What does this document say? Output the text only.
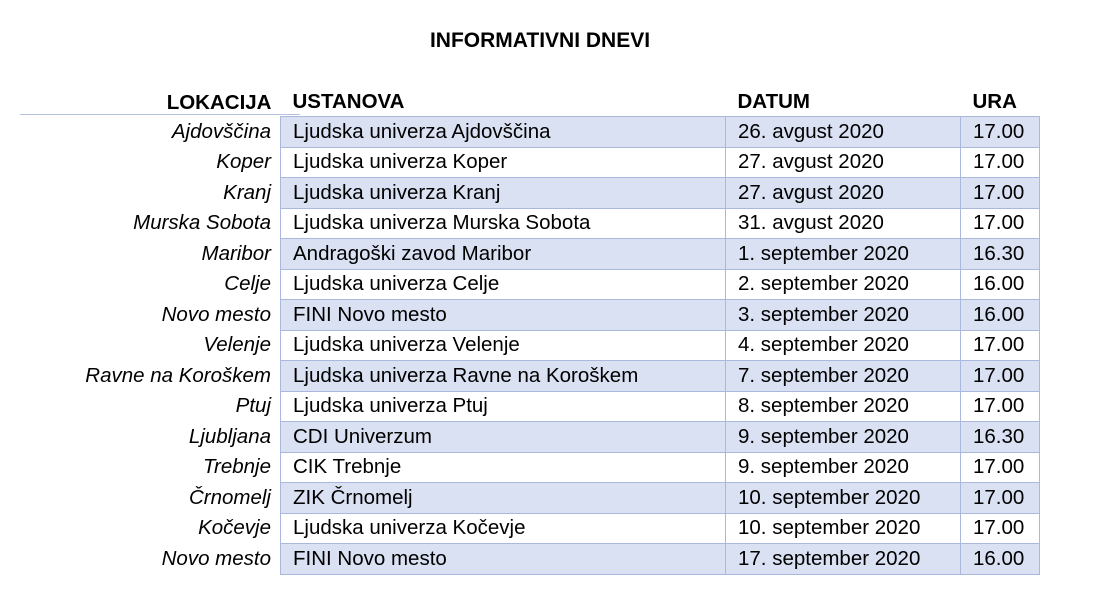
INFORMATIVNI DNEVI
LOKACIJA	USTANOVA	DATUM	URA
Ajdovščina	Ljudska univerza Ajdovščina	26. avgust 2020	17.00
Koper	Ljudska univerza Koper	27. avgust 2020	17.00
Kranj	Ljudska univerza Kranj	27. avgust 2020	17.00
Murska Sobota	Ljudska univerza Murska Sobota	31. avgust 2020	17.00
Maribor	Andragoški zavod Maribor	1. september 2020	16.30
Celje	Ljudska univerza Celje	2. september 2020	16.00
Novo mesto	FINI Novo mesto	3. september 2020	16.00
Velenje	Ljudska univerza Velenje	4. september 2020	17.00
Ravne na Koroškem	Ljudska univerza Ravne na Koroškem	7. september 2020	17.00
Ptuj	Ljudska univerza Ptuj	8. september 2020	17.00
Ljubljana	CDI Univerzum	9. september 2020	16.30
Trebnje	CIK Trebnje	9. september 2020	17.00
Črnomelj	ZIK Črnomelj	10. september 2020	17.00
Kočevje	Ljudska univerza Kočevje	10. september 2020	17.00
Novo mesto	FINI Novo mesto	17. september 2020	16.00
